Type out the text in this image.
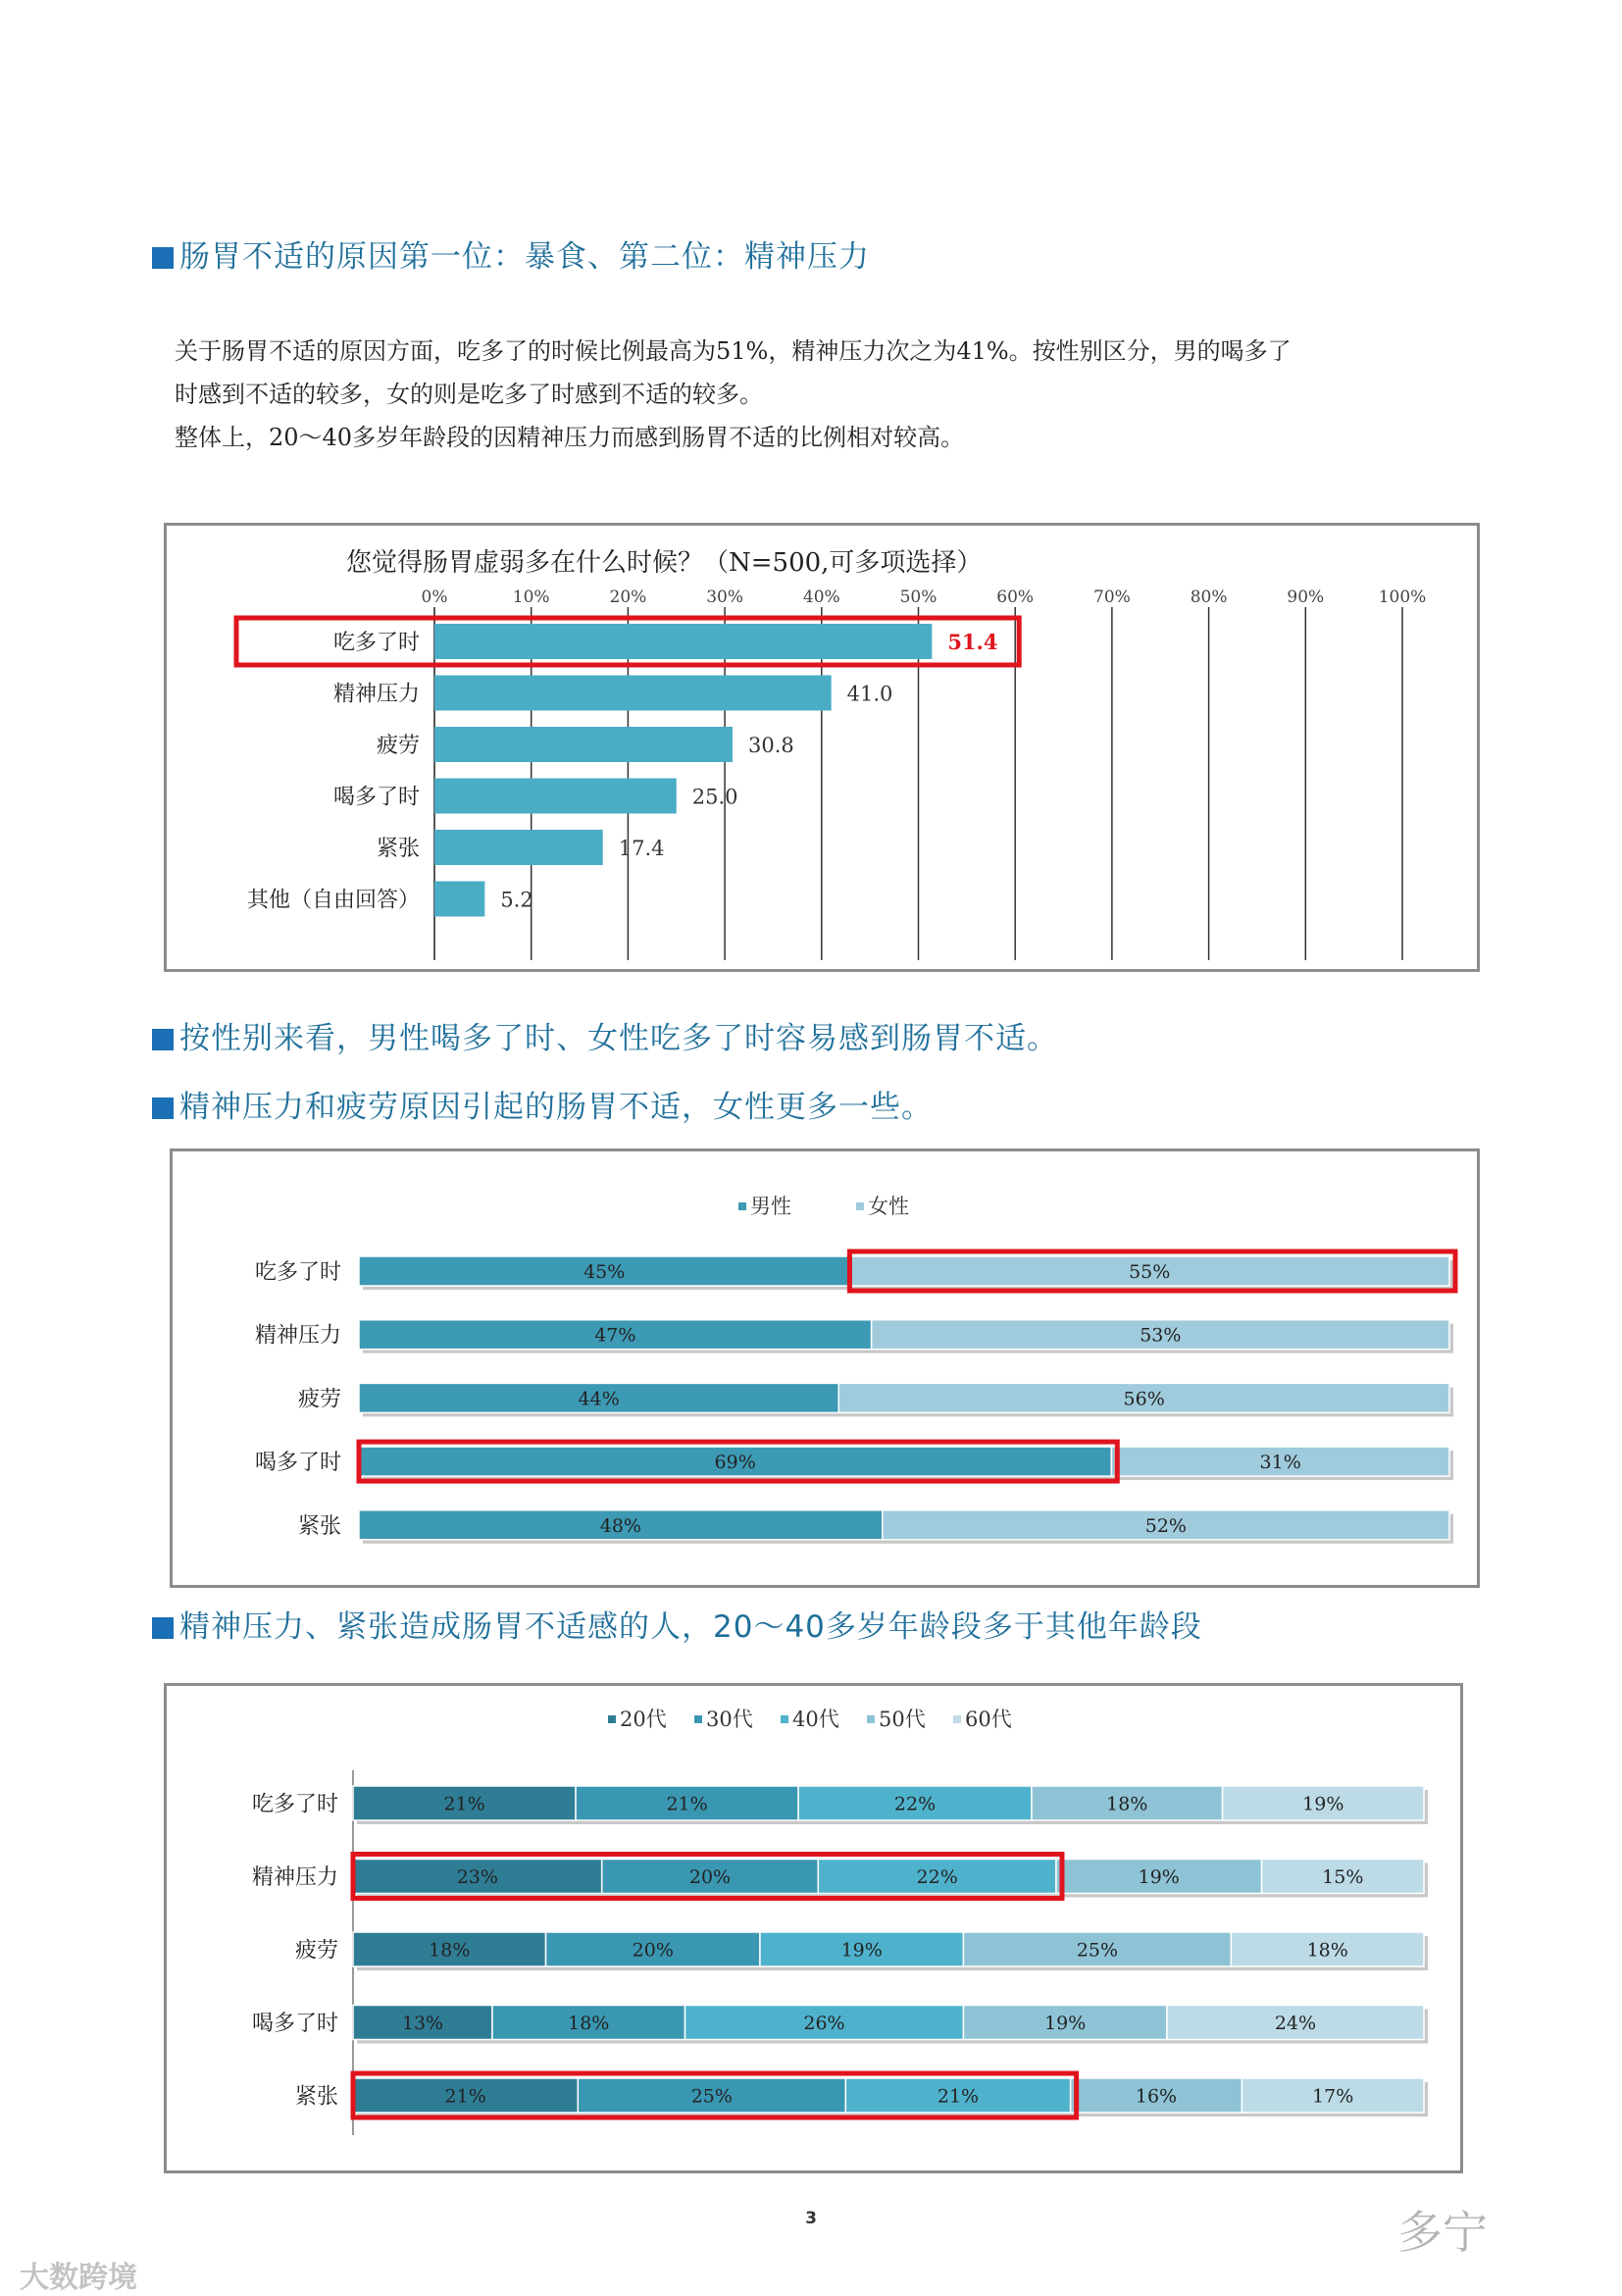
肠胃不适的原因第一位：暴食、第二位：精神压力
关于肠胃不适的原因方面，吃多了的时候比例最高为51%，精神压力次之为41%。按性别区分，男的喝多了
时感到不适的较多，女的则是吃多了时感到不适的较多。
整体上，20～40多岁年龄段的因精神压力而感到肠胃不适的比例相对较高。
您觉得肠胃虚弱多在什么时候？（N=500,可多项选择）
0%	10%	20%	30%	40%	50%	60%	70%	80%	90%	100%
吃多了时	51.4
精神压力	41.0
疲劳	30.8
喝多了时	25.0
紧张	17.4
其他（自由回答）	5.2
按性别来看，男性喝多了时、女性吃多了时容易感到肠胃不适。
精神压力和疲劳原因引起的肠胃不适，女性更多一些。
男性	女性
吃多了时	45%	55%
精神压力	47%	53%
疲劳	44%	56%
喝多了时	69%	31%
紧张	48%	52%
精神压力、紧张造成肠胃不适感的人，20～40多岁年龄段多于其他年龄段
20代 30代 40代 50代 60代
吃多了时	21%	21%	22%	18%	19%
精神压力	23%	20%	22%	19%	15%
疲劳	18%	20%	19%	25%	18%
喝多了时	13%	18%	26%	19%	24%
紧张	21%	25%	21%	16%	17%
3
大数跨境
多宁
